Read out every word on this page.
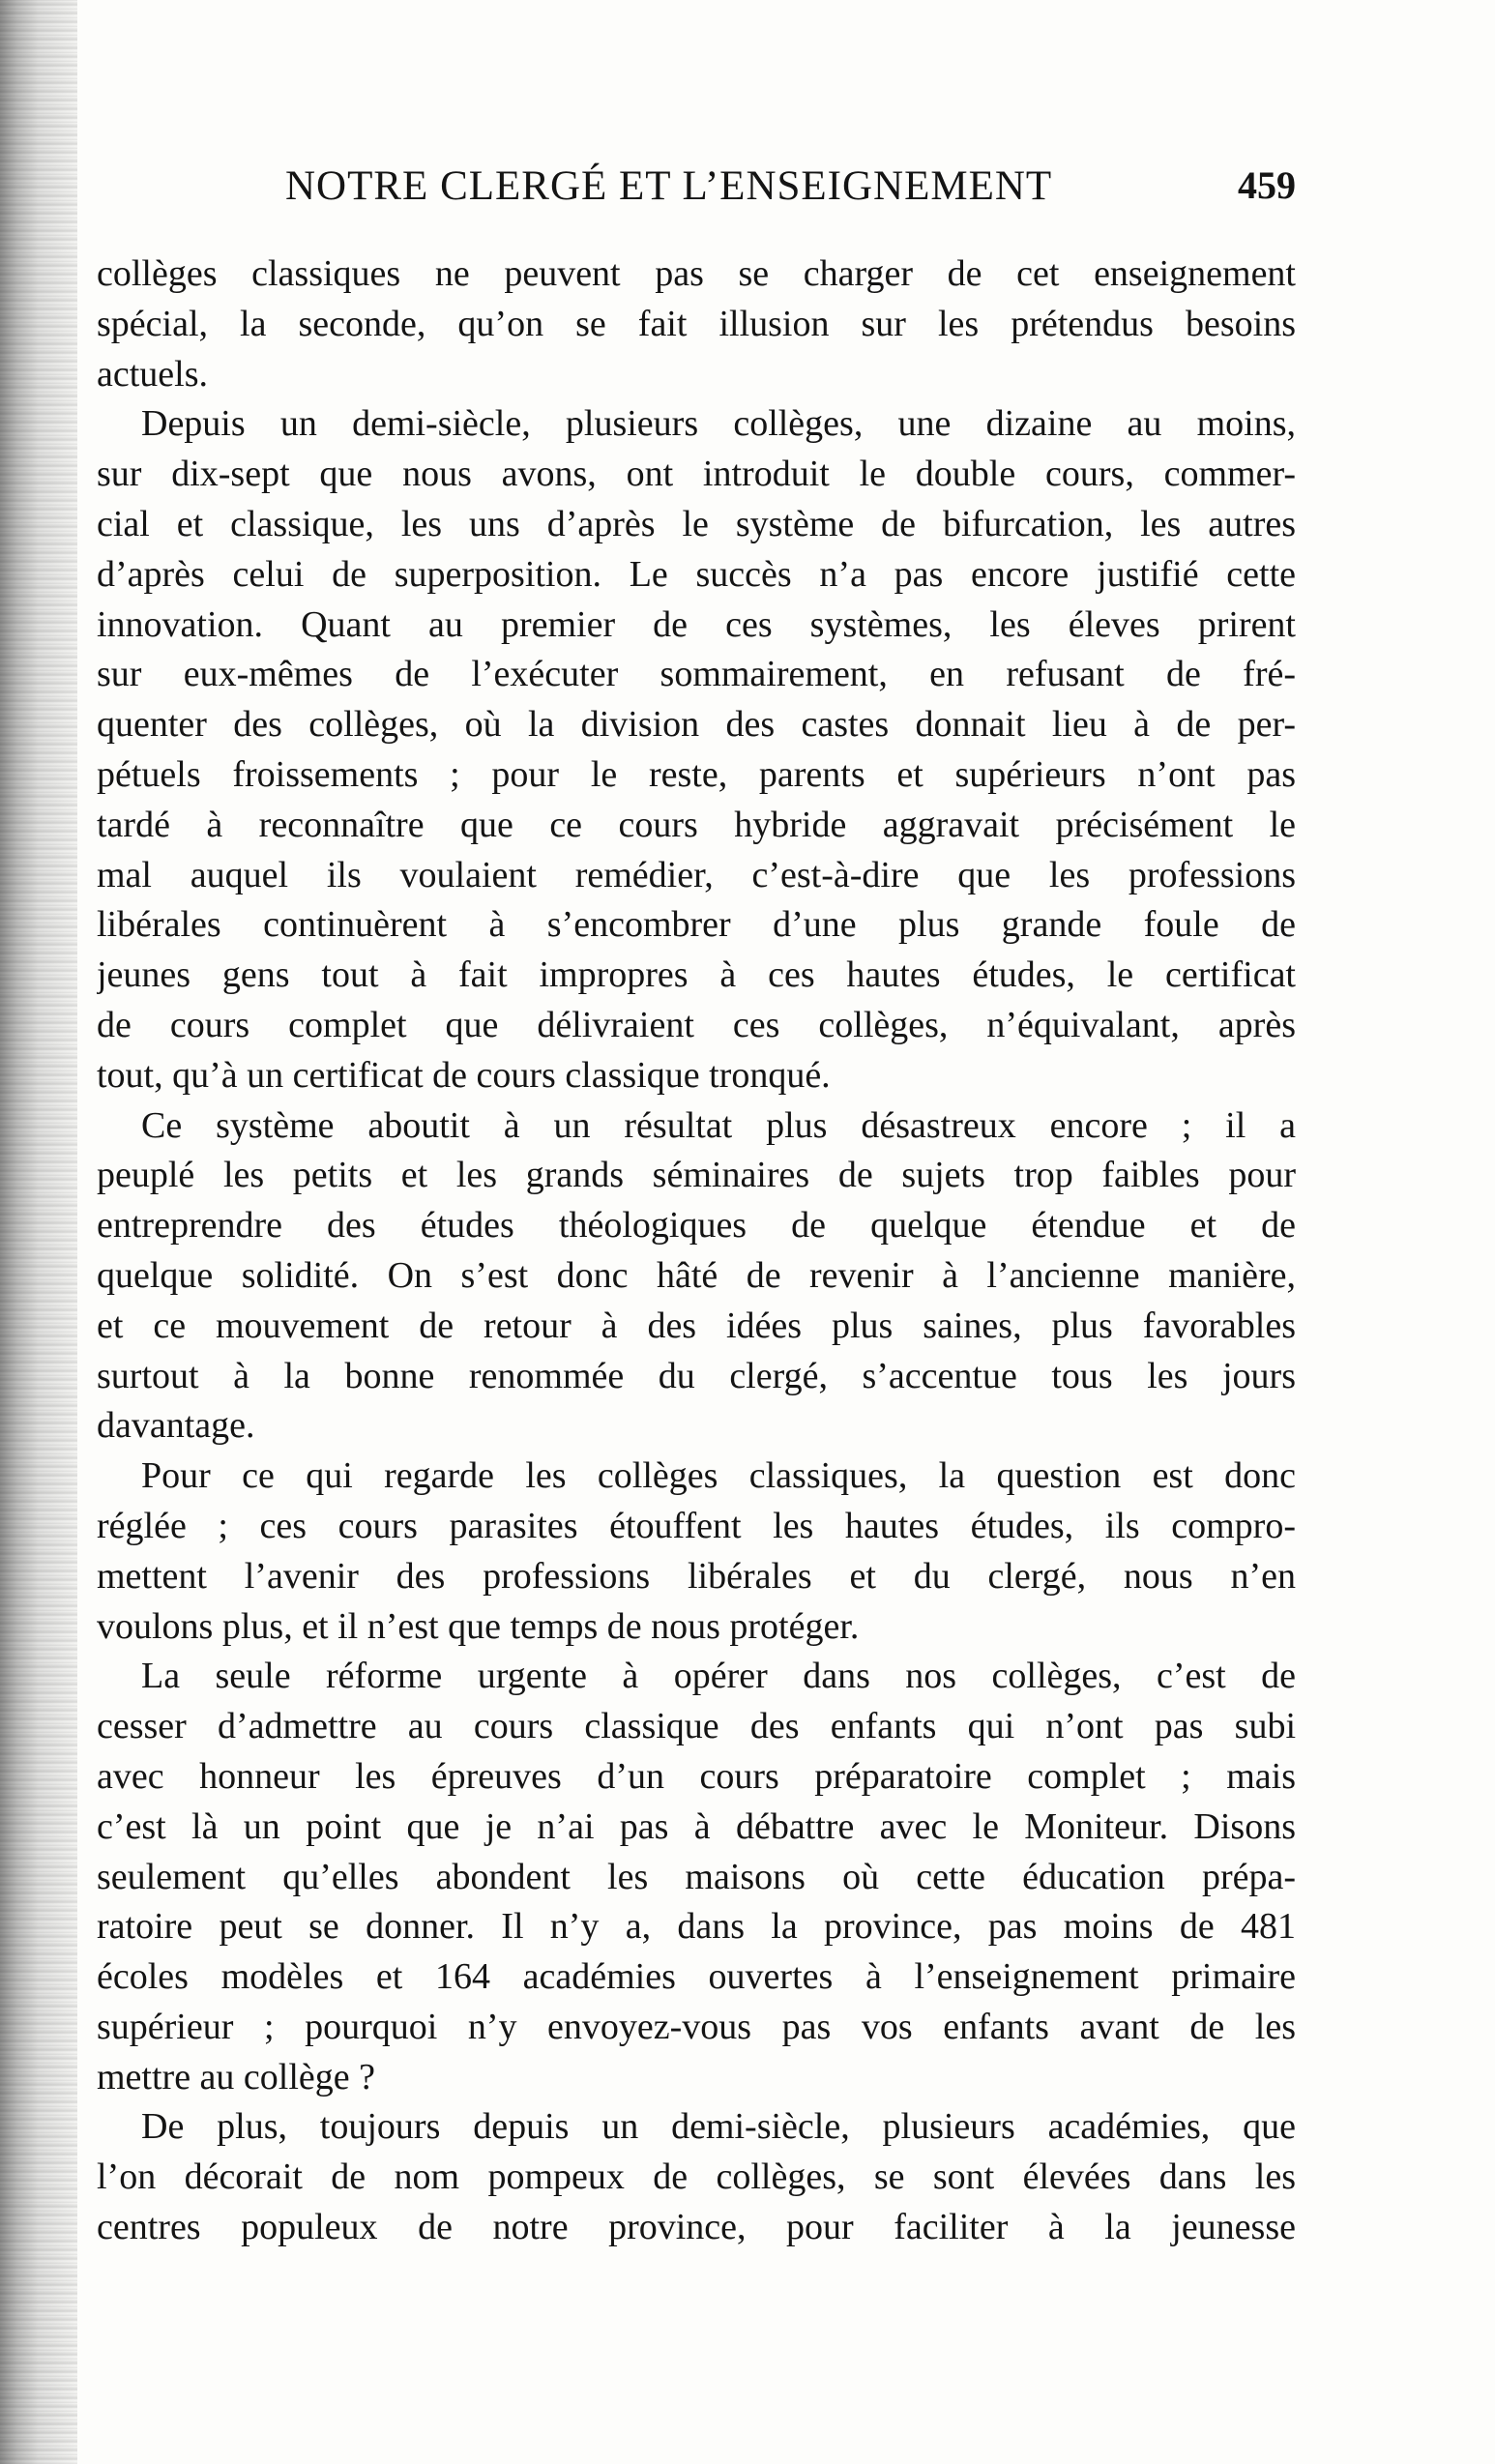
NOTRE CLERGÉ ET L’ENSEIGNEMENT	459
collèges classiques ne peuvent pas se charger de cet enseignement
spécial, la seconde, qu’on se fait illusion sur les prétendus besoins
actuels.
Depuis un demi-siècle, plusieurs collèges, une dizaine au moins,
sur dix-sept que nous avons, ont introduit le double cours, commer-
cial et classique, les uns d’après le système de bifurcation, les autres
d’après celui de superposition. Le succès n’a pas encore justifié cette
innovation. Quant au premier de ces systèmes, les éleves prirent
sur eux-mêmes de l’exécuter sommairement, en refusant de fré-
quenter des collèges, où la division des castes donnait lieu à de per-
pétuels froissements ; pour le reste, parents et supérieurs n’ont pas
tardé à reconnaître que ce cours hybride aggravait précisément le
mal auquel ils voulaient remédier, c’est-à-dire que les professions
libérales continuèrent à s’encombrer d’une plus grande foule de
jeunes gens tout à fait impropres à ces hautes études, le certificat
de cours complet que délivraient ces collèges, n’équivalant, après
tout, qu’à un certificat de cours classique tronqué.
Ce système aboutit à un résultat plus désastreux encore ; il a
peuplé les petits et les grands séminaires de sujets trop faibles pour
entreprendre des études théologiques de quelque étendue et de
quelque solidité. On s’est donc hâté de revenir à l’ancienne manière,
et ce mouvement de retour à des idées plus saines, plus favorables
surtout à la bonne renommée du clergé, s’accentue tous les jours
davantage.
Pour ce qui regarde les collèges classiques, la question est donc
réglée ; ces cours parasites étouffent les hautes études, ils compro-
mettent l’avenir des professions libérales et du clergé, nous n’en
voulons plus, et il n’est que temps de nous protéger.
La seule réforme urgente à opérer dans nos collèges, c’est de
cesser d’admettre au cours classique des enfants qui n’ont pas subi
avec honneur les épreuves d’un cours préparatoire complet ; mais
c’est là un point que je n’ai pas à débattre avec le Moniteur. Disons
seulement qu’elles abondent les maisons où cette éducation prépa-
ratoire peut se donner. Il n’y a, dans la province, pas moins de 481
écoles modèles et 164 académies ouvertes à l’enseignement primaire
supérieur ; pourquoi n’y envoyez-vous pas vos enfants avant de les
mettre au collège ?
De plus, toujours depuis un demi-siècle, plusieurs académies, que
l’on décorait de nom pompeux de collèges, se sont élevées dans les
centres populeux de notre province, pour faciliter à la jeunesse
